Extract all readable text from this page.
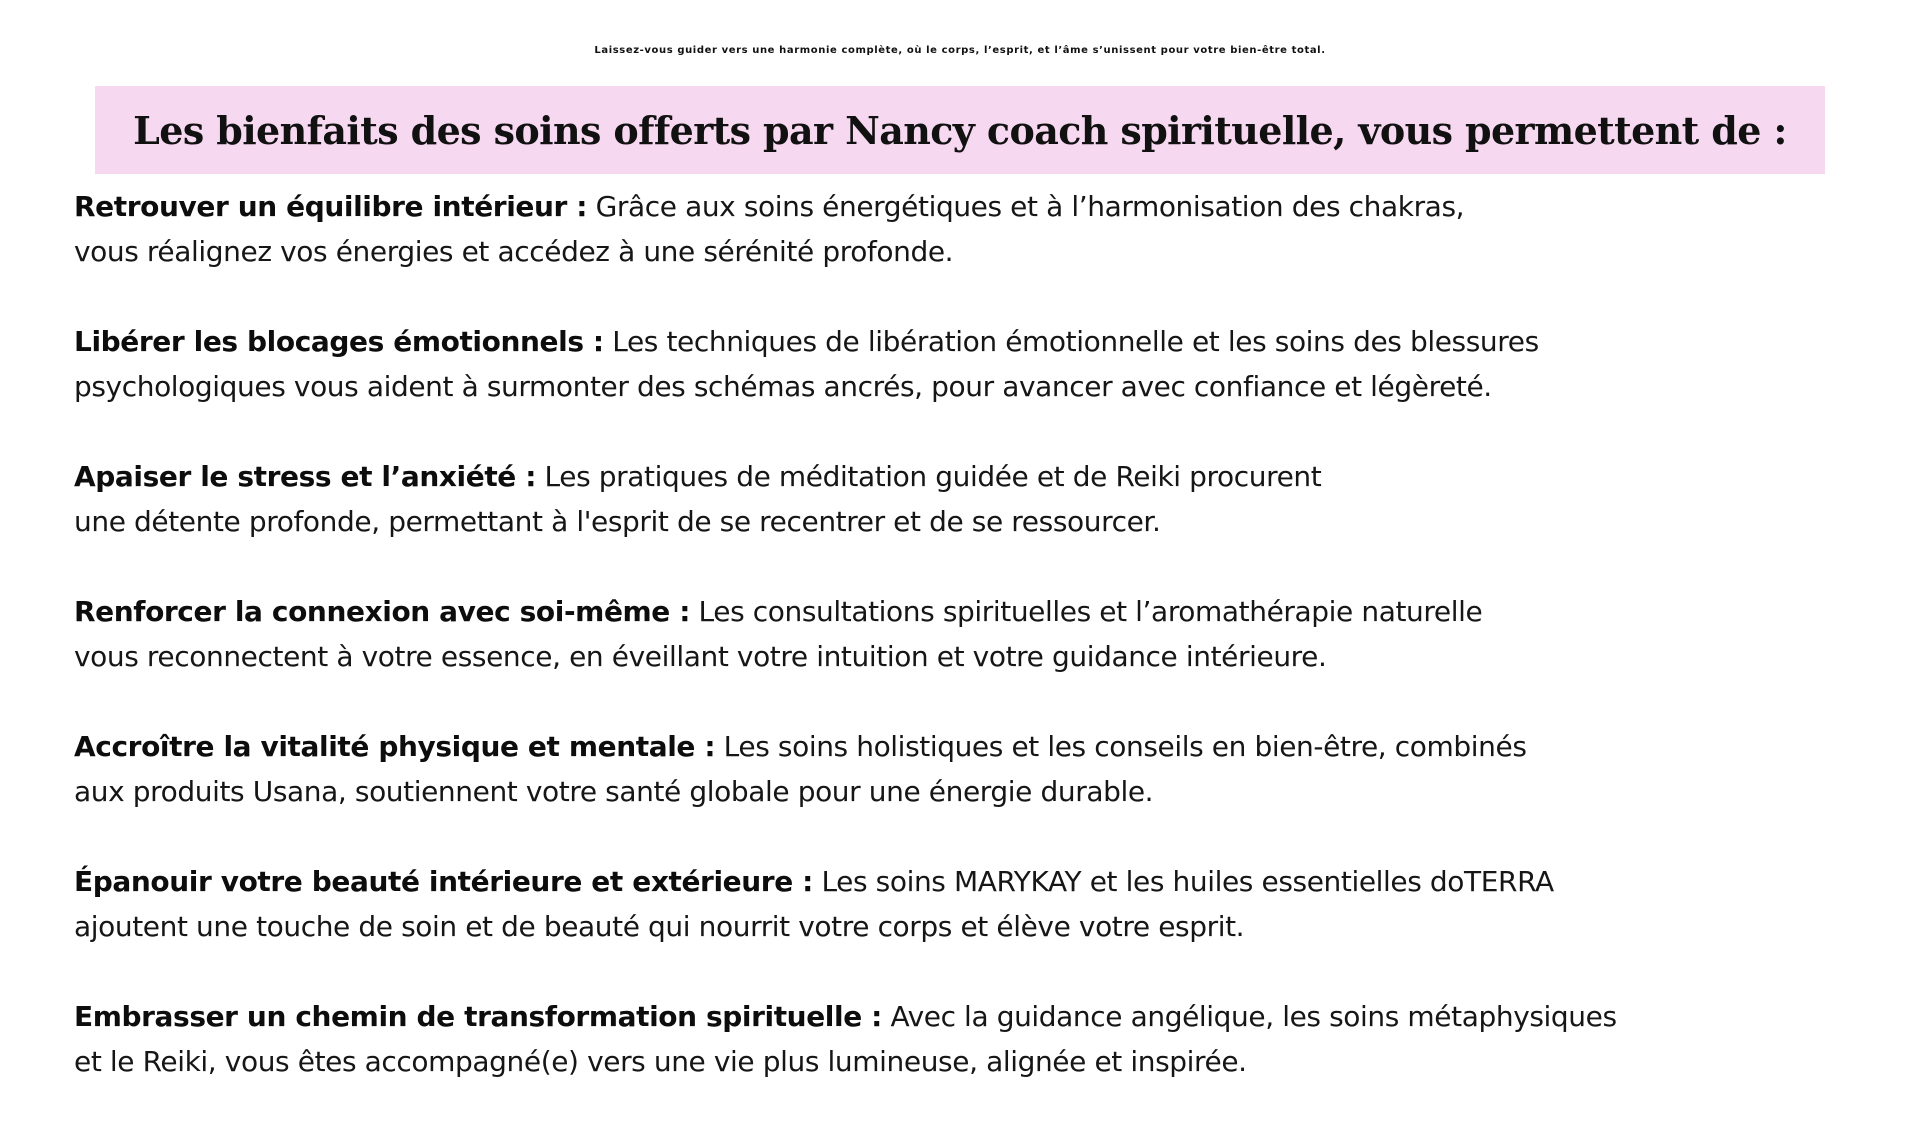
Laissez-vous guider vers une harmonie complète, où le corps, l’esprit, et l’âme s’unissent pour votre bien-être total.
Les bienfaits des soins offerts par Nancy coach spirituelle, vous permettent de :
Retrouver un équilibre intérieur : Grâce aux soins énergétiques et à l’harmonisation des chakras,
vous réalignez vos énergies et accédez à une sérénité profonde.
Libérer les blocages émotionnels : Les techniques de libération émotionnelle et les soins des blessures
psychologiques vous aident à surmonter des schémas ancrés, pour avancer avec confiance et légèreté.
Apaiser le stress et l’anxiété : Les pratiques de méditation guidée et de Reiki procurent
une détente profonde, permettant à l'esprit de se recentrer et de se ressourcer.
Renforcer la connexion avec soi-même : Les consultations spirituelles et l’aromathérapie naturelle
vous reconnectent à votre essence, en éveillant votre intuition et votre guidance intérieure.
Accroître la vitalité physique et mentale : Les soins holistiques et les conseils en bien-être, combinés
aux produits Usana, soutiennent votre santé globale pour une énergie durable.
Épanouir votre beauté intérieure et extérieure : Les soins MARYKAY et les huiles essentielles doTERRA
ajoutent une touche de soin et de beauté qui nourrit votre corps et élève votre esprit.
Embrasser un chemin de transformation spirituelle : Avec la guidance angélique, les soins métaphysiques
et le Reiki, vous êtes accompagné(e) vers une vie plus lumineuse, alignée et inspirée.
